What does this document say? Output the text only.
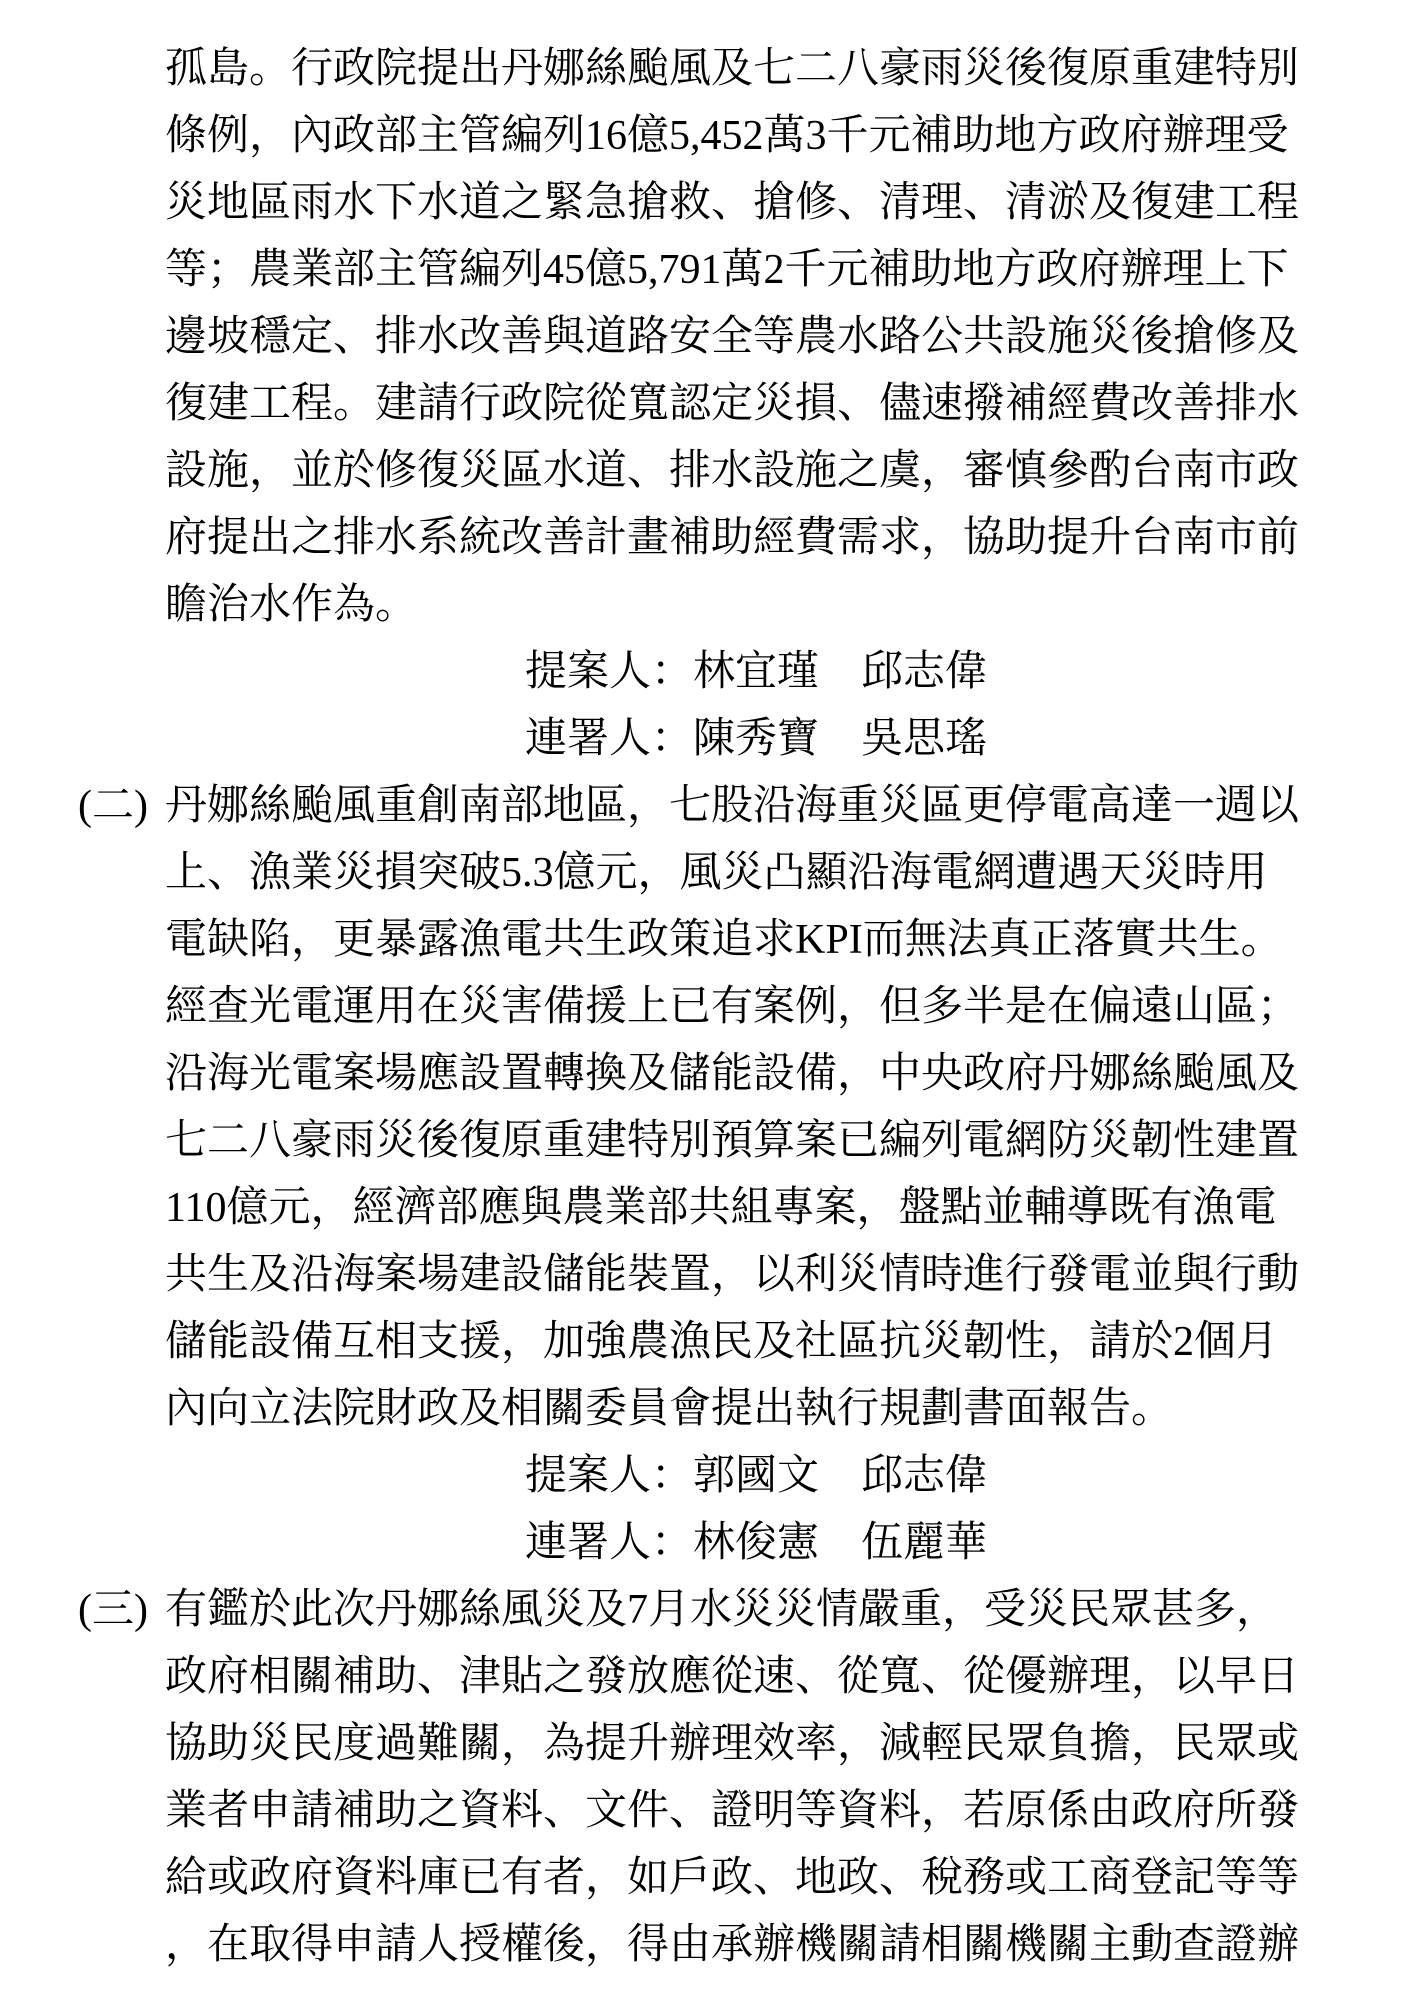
孤島。行政院提出丹娜絲颱風及七二八豪雨災後復原重建特別
條例，內政部主管編列16億5,452萬3千元補助地方政府辦理受
災地區雨水下水道之緊急搶救、搶修、清理、清淤及復建工程
等；農業部主管編列45億5,791萬2千元補助地方政府辦理上下
邊坡穩定、排水改善與道路安全等農水路公共設施災後搶修及
復建工程。建請行政院從寬認定災損、儘速撥補經費改善排水
設施，並於修復災區水道、排水設施之虞，審慎參酌台南市政
府提出之排水系統改善計畫補助經費需求，協助提升台南市前
瞻治水作為。
提案人：林宜瑾　邱志偉
連署人：陳秀寶　吳思瑤
(二) 丹娜絲颱風重創南部地區，七股沿海重災區更停電高達一週以
上、漁業災損突破5.3億元，風災凸顯沿海電網遭遇天災時用
電缺陷，更暴露漁電共生政策追求KPI而無法真正落實共生。
經查光電運用在災害備援上已有案例，但多半是在偏遠山區；
沿海光電案場應設置轉換及儲能設備，中央政府丹娜絲颱風及
七二八豪雨災後復原重建特別預算案已編列電網防災韌性建置
110億元，經濟部應與農業部共組專案，盤點並輔導既有漁電
共生及沿海案場建設儲能裝置，以利災情時進行發電並與行動
儲能設備互相支援，加強農漁民及社區抗災韌性，請於2個月
內向立法院財政及相關委員會提出執行規劃書面報告。
提案人：郭國文　邱志偉
連署人：林俊憲　伍麗華
(三) 有鑑於此次丹娜絲風災及7月水災災情嚴重，受災民眾甚多，
政府相關補助、津貼之發放應從速、從寬、從優辦理，以早日
協助災民度過難關，為提升辦理效率，減輕民眾負擔，民眾或
業者申請補助之資料、文件、證明等資料，若原係由政府所發
給或政府資料庫已有者，如戶政、地政、稅務或工商登記等等
，在取得申請人授權後，得由承辦機關請相關機關主動查證辦
